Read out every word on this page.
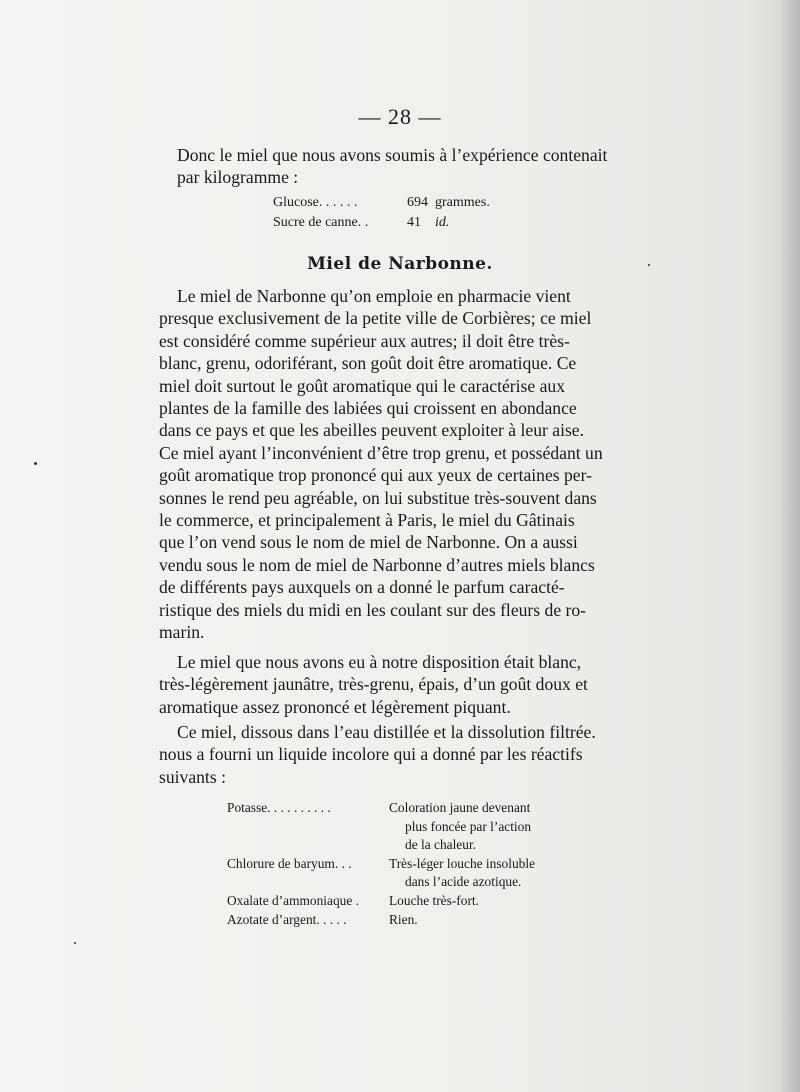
— 28 —

Donc le miel que nous avons soumis à l’expérience contenait
par kilogramme :

Glucose. . . . . .	694 grammes.
Sucre de canne. .	41 id.
Miel de Narbonne.

Le miel de Narbonne qu’on emploie en pharmacie vient
presque exclusivement de la petite ville de Corbières; ce miel
est considéré comme supérieur aux autres; il doit être très-
blanc, grenu, odoriférant, son goût doit être aromatique. Ce
miel doit surtout le goût aromatique qui le caractérise aux
plantes de la famille des labiées qui croissent en abondance
dans ce pays et que les abeilles peuvent exploiter à leur aise.
Ce miel ayant l’inconvénient d’être trop grenu, et possédant un
goût aromatique trop prononcé qui aux yeux de certaines per-
sonnes le rend peu agréable, on lui substitue très-souvent dans
le commerce, et principalement à Paris, le miel du Gâtinais
que l’on vend sous le nom de miel de Narbonne. On a aussi
vendu sous le nom de miel de Narbonne d’autres miels blancs
de différents pays auxquels on a donné le parfum caracté-
ristique des miels du midi en les coulant sur des fleurs de ro-
marin.

Le miel que nous avons eu à notre disposition était blanc,
très-légèrement jaunâtre, très-grenu, épais, d’un goût doux et
aromatique assez prononcé et légèrement piquant.

Ce miel, dissous dans l’eau distillée et la dissolution filtrée.
nous a fourni un liquide incolore qui a donné par les réactifs
suivants :

Potasse. . . . . . . . . .	Coloration jaune devenant
plus foncée par l’action
de la chaleur.
Chlorure de baryum. . .	Très-léger louche insoluble
dans l’acide azotique.
Oxalate d’ammoniaque .	Louche très-fort.
Azotate d’argent. . . . .	Rien.
